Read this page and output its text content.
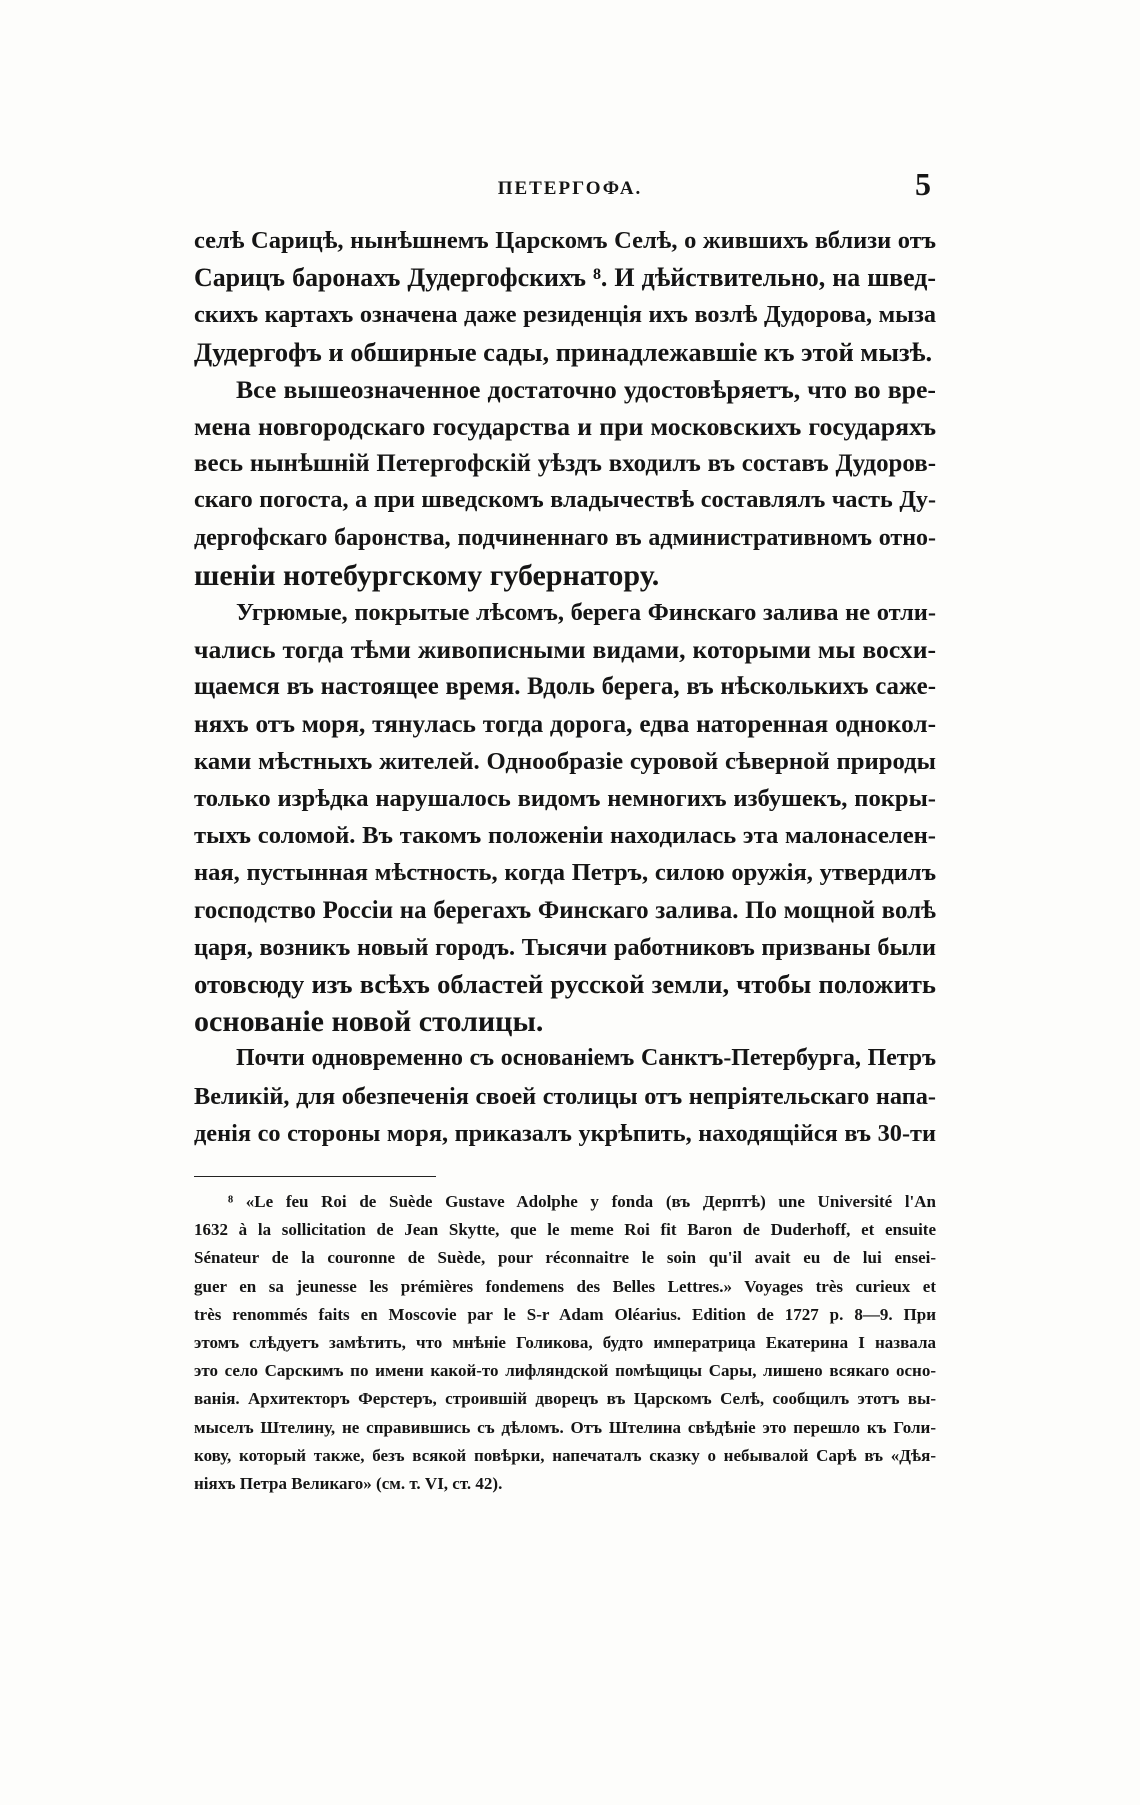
ПЕТЕРГОФА.	5
селѣ Сарицѣ, нынѣшнемъ Царскомъ Селѣ, о жившихъ вблизи отъ
Сарицъ баронахъ Дудергофскихъ ⁸. И дѣйствительно, на швед-
скихъ картахъ означена даже резиденція ихъ возлѣ Дудорова, мыза
Дудергофъ и обширные сады, принадлежавшіе къ этой мызѣ.
Все вышеозначенное достаточно удостовѣряетъ, что во вре-
мена новгородскаго государства и при московскихъ государяхъ
весь нынѣшній Петергофскій уѣздъ входилъ въ составъ Дудоров-
скаго погоста, а при шведскомъ владычествѣ составлялъ часть Ду-
дергофскаго баронства, подчиненнаго въ административномъ отно-
шеніи нотебургскому губернатору.
Угрюмые, покрытые лѣсомъ, берега Финскаго залива не отли-
чались тогда тѣми живописными видами, которыми мы восхи-
щаемся въ настоящее время. Вдоль берега, въ нѣсколькихъ саже-
няхъ отъ моря, тянулась тогда дорога, едва наторенная однокол-
ками мѣстныхъ жителей. Однообразіе суровой сѣверной природы
только изрѣдка нарушалось видомъ немногихъ избушекъ, покры-
тыхъ соломой. Въ такомъ положеніи находилась эта малонаселен-
ная, пустынная мѣстность, когда Петръ, силою оружія, утвердилъ
господство Россіи на берегахъ Финскаго залива. По мощной волѣ
царя, возникъ новый городъ. Тысячи работниковъ призваны были
отовсюду изъ всѣхъ областей русской земли, чтобы положить
основаніе новой столицы.
Почти одновременно съ основаніемъ Санктъ-Петербурга, Петръ
Великій, для обезпеченія своей столицы отъ непріятельскаго напа-
денія со стороны моря, приказалъ укрѣпить, находящійся въ 30-ти
⁸ «Le feu Roi de Suède Gustave Adolphe y fonda (въ Дерптѣ) une Université l'An
1632 à la sollicitation de Jean Skytte, que le meme Roi fit Baron de Duderhoff, et ensuite
Sénateur de la couronne de Suède, pour réconnaitre le soin qu'il avait eu de lui ensei-
guer en sa jeunesse les prémières fondemens des Belles Lettres.» Voyages très curieux et
très renommés faits en Moscovie par le S-r Adam Oléarius. Edition de 1727 p. 8—9. При
этомъ слѣдуетъ замѣтить, что мнѣніе Голикова, будто императрица Екатерина I назвала
это село Сарскимъ по имени какой-то лифляндской помѣщицы Сары, лишено всякаго осно-
ванія. Архитекторъ Ферстеръ, строившій дворецъ въ Царскомъ Селѣ, сообщилъ этотъ вы-
мыселъ Штелину, не справившись съ дѣломъ. Отъ Штелина свѣдѣніе это перешло къ Голи-
кову, который также, безъ всякой повѣрки, напечаталъ сказку о небывалой Сарѣ въ «Дѣя-
ніяхъ Петра Великаго» (см. т. VI, ст. 42).
